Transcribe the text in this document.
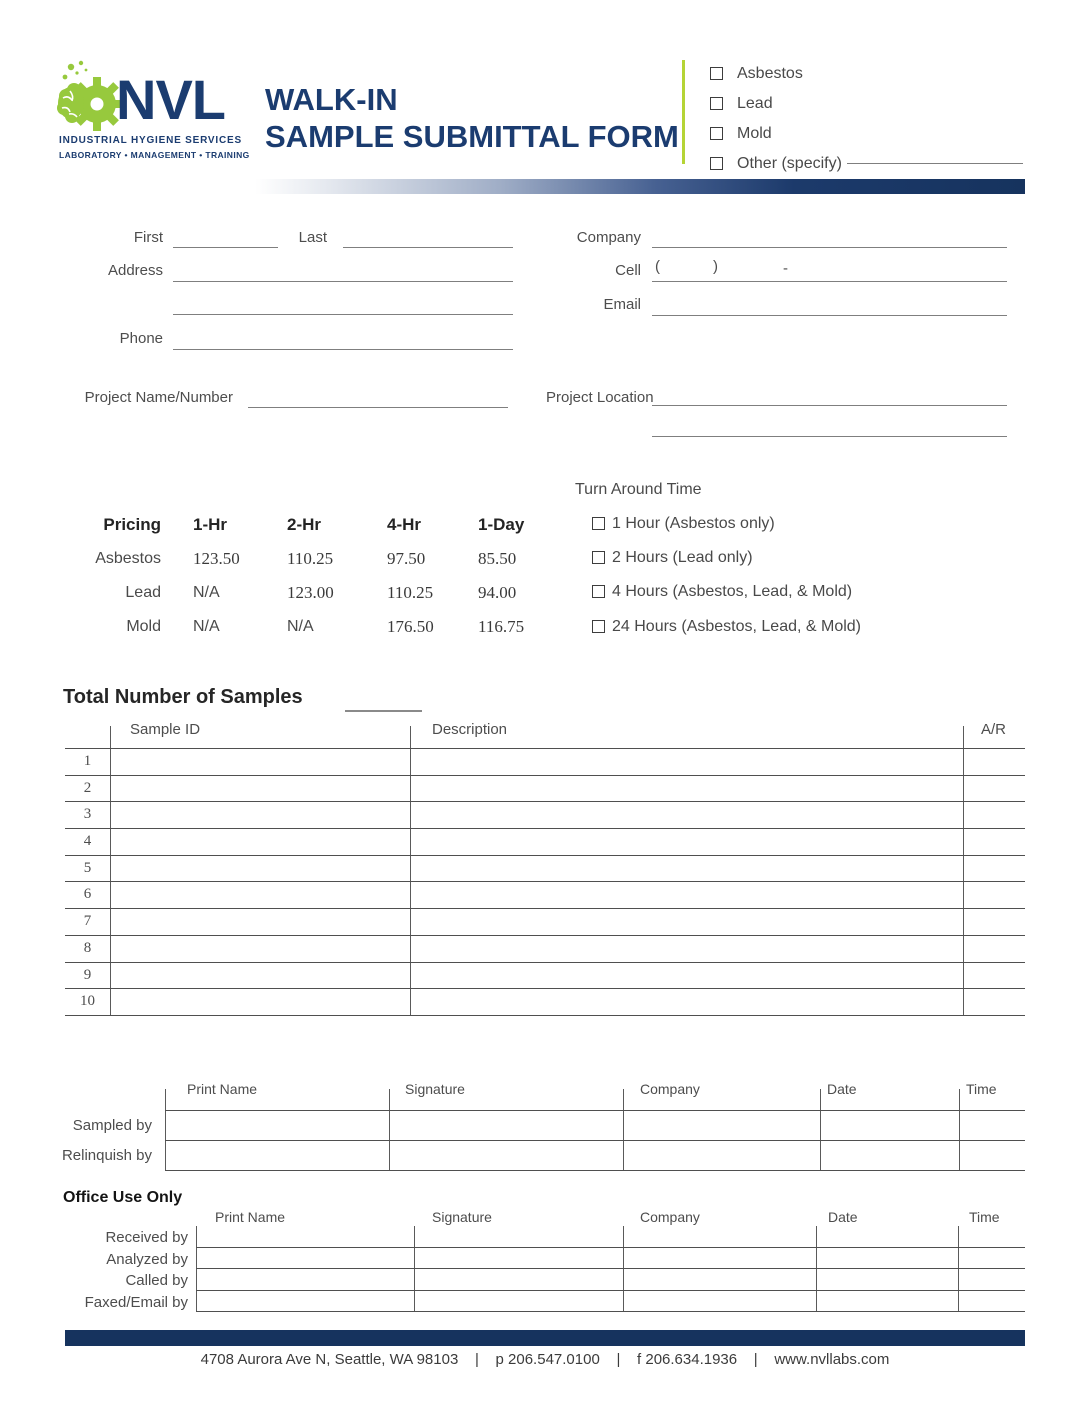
NVL
INDUSTRIAL HYGIENE SERVICES
LABORATORY • MANAGEMENT • TRAINING
WALK-IN
SAMPLE SUBMITTAL FORM
Asbestos
Lead
Mold
Other (specify)
First	Last
Address
Phone
Project Name/Number
Company
Cell (	)	-
Email
Project Location
Pricing	1-Hr	2-Hr	4-Hr	1-Day
Asbestos	123.50	110.25	97.50	85.50
Lead	N/A	123.00	110.25	94.00
Mold	N/A	N/A	176.50	116.75
Turn Around Time
1 Hour (Asbestos only)
2 Hours (Lead only)
4 Hours (Asbestos, Lead, & Mold)
24 Hours (Asbestos, Lead, & Mold)
Total Number of Samples
Sample ID	Description	A/R
1
2
3
4
5
6
7
8
9
10
Print Name	Signature	Company	Date	Time
Sampled by
Relinquish by
Office Use Only
Print Name	Signature	Company	Date	Time
Received by
Analyzed by
Called by
Faxed/Email by
4708 Aurora Ave N, Seattle, WA 98103    |    p 206.547.0100    |    f 206.634.1936    |    www.nvllabs.com
